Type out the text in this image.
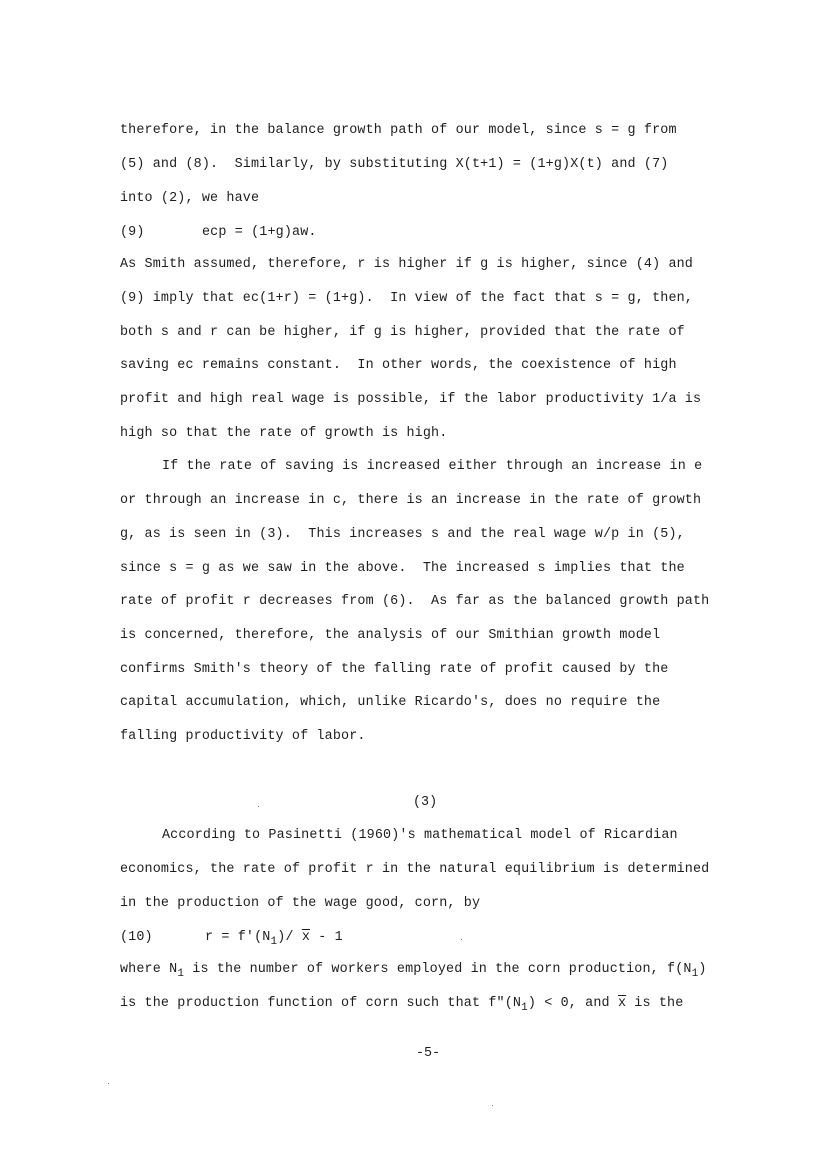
therefore, in the balance growth path of our model, since s = g from
(5) and (8).  Similarly, by substituting X(t+1) = (1+g)X(t) and (7)
into (2), we have
(9)	ecp = (1+g)aw.
As Smith assumed, therefore, r is higher if g is higher, since (4) and
(9) imply that ec(1+r) = (1+g).  In view of the fact that s = g, then,
both s and r can be higher, if g is higher, provided that the rate of
saving ec remains constant.  In other words, the coexistence of high
profit and high real wage is possible, if the labor productivity 1/a is
high so that the rate of growth is high.
If the rate of saving is increased either through an increase in e
or through an increase in c, there is an increase in the rate of growth
g, as is seen in (3).  This increases s and the real wage w/p in (5),
since s = g as we saw in the above.  The increased s implies that the
rate of profit r decreases from (6).  As far as the balanced growth path
is concerned, therefore, the analysis of our Smithian growth model
confirms Smith's theory of the falling rate of profit caused by the
capital accumulation, which, unlike Ricardo's, does no require the
falling productivity of labor.
(3)
According to Pasinetti (1960)'s mathematical model of Ricardian
economics, the rate of profit r in the natural equilibrium is determined
in the production of the wage good, corn, by
(10)	$r = f'(N_1)/$ $\overline{x} - 1$
where $N_1$ is the number of workers employed in the corn production, $f(N_1)$
is the production function of corn such that $f"(N_1) < 0$, and $\overline{x}$ is the
-5-
